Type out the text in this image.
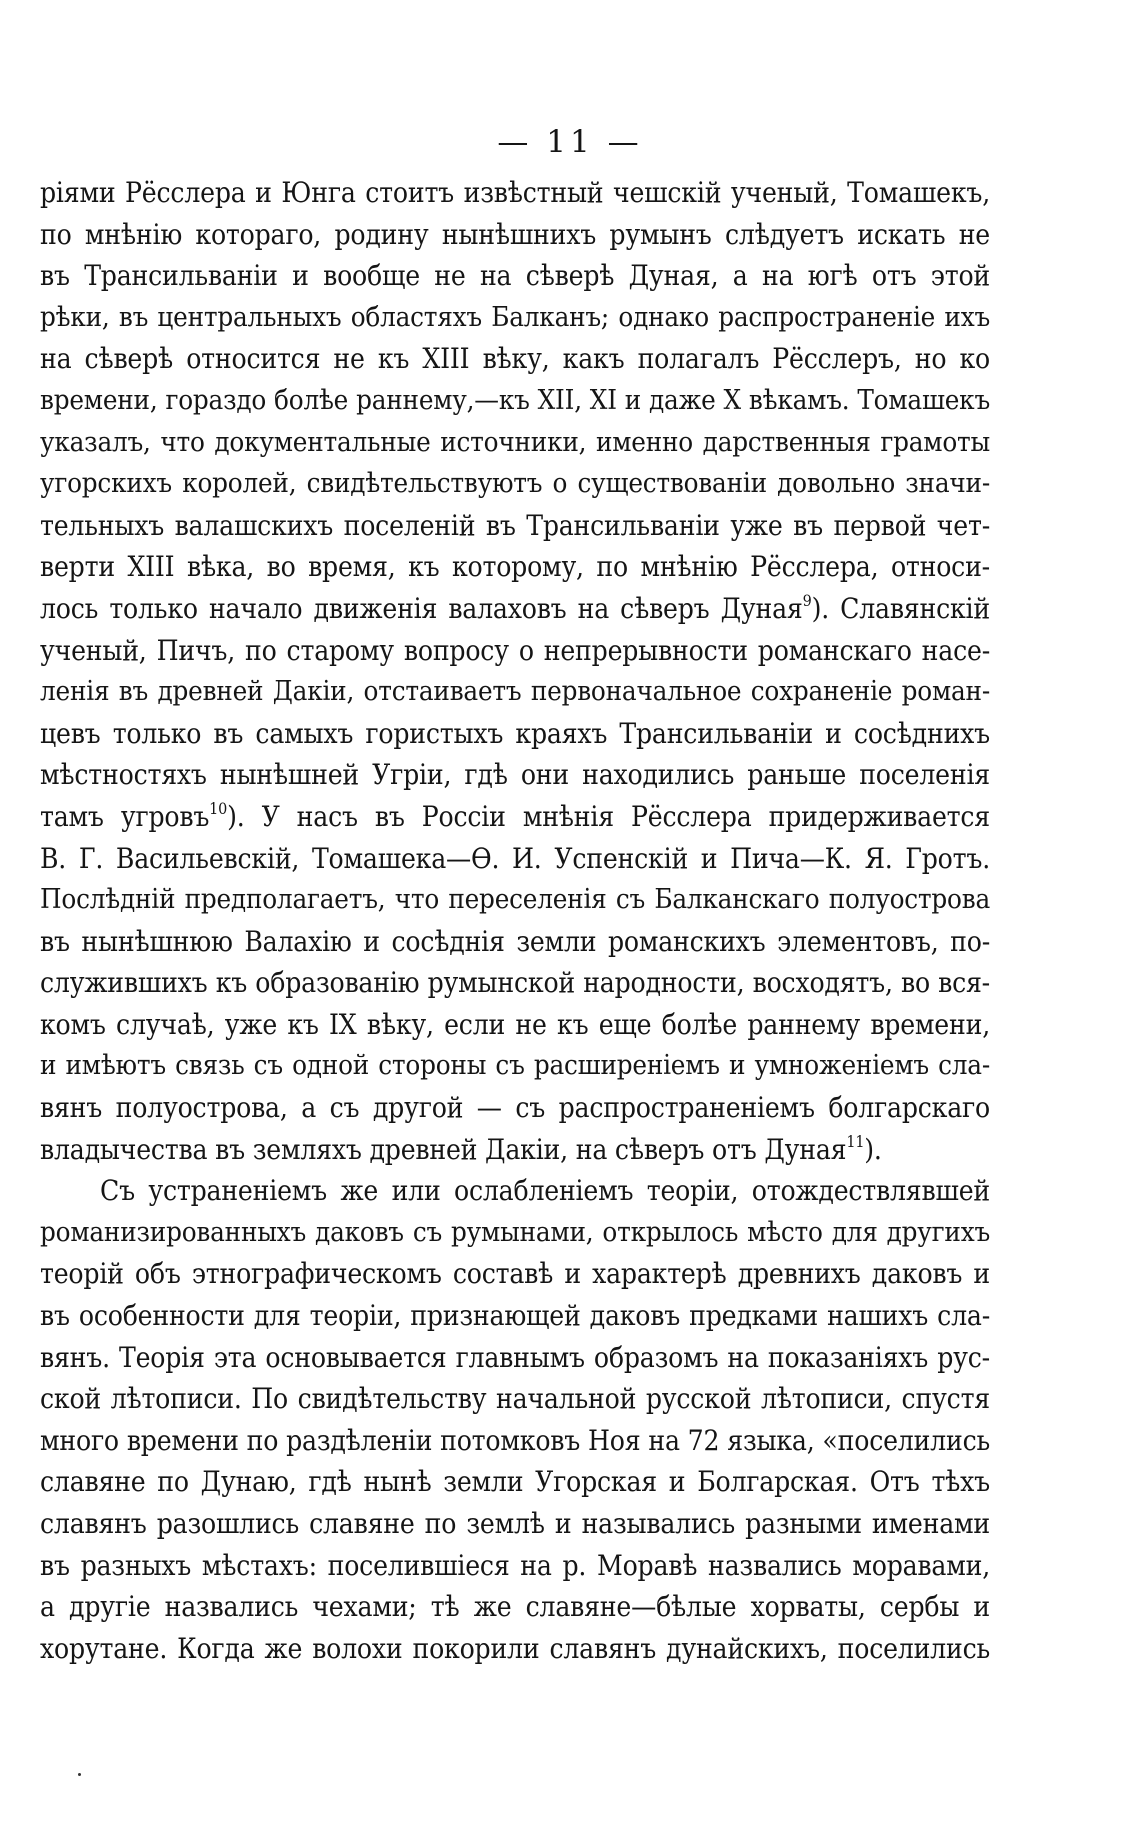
— 11 —
ріями Рёсслера и Юнга стоитъ извѣстный чешскій ученый, Томашекъ,
по мнѣнію котораго, родину нынѣшнихъ румынъ слѣдуетъ искать не
въ Трансильваніи и вообще не на сѣверѣ Дуная, а на югѣ отъ этой
рѣки, въ центральныхъ областяхъ Балканъ; однако распространеніе ихъ
на сѣверѣ относится не къ XIII вѣку, какъ полагалъ Рёсслеръ, но ко
времени, гораздо болѣе раннему,—къ XII, XI и даже X вѣкамъ. Томашекъ
указалъ, что документальные источники, именно дарственныя грамоты
угорскихъ королей, свидѣтельствуютъ о существованіи довольно значи-
тельныхъ валашскихъ поселеній въ Трансильваніи уже въ первой чет-
верти XIII вѣка, во время, къ которому, по мнѣнію Рёсслера, относи-
лось только начало движенія валаховъ на сѣверъ Дуная$^9$). Славянскій
ученый, Пичъ, по старому вопросу о непрерывности романскаго насе-
ленія въ древней Дакіи, отстаиваетъ первоначальное сохраненіе роман-
цевъ только въ самыхъ гористыхъ краяхъ Трансильваніи и сосѣднихъ
мѣстностяхъ нынѣшней Угріи, гдѣ они находились раньше поселенія
тамъ угровъ$^{10}$). У насъ въ Россіи мнѣнія Рёсслера придерживается
В. Г. Васильевскій, Томашека—Ѳ. И. Успенскій и Пича—К. Я. Гротъ.
Послѣдній предполагаетъ, что переселенія съ Балканскаго полуострова
въ нынѣшнюю Валахію и сосѣднія земли романскихъ элементовъ, по-
служившихъ къ образованію румынской народности, восходятъ, во вся-
комъ случаѣ, уже къ IX вѣку, если не къ еще болѣе раннему времени,
и имѣютъ связь съ одной стороны съ расширеніемъ и умноженіемъ сла-
вянъ полуострова, а съ другой — съ распространеніемъ болгарскаго
владычества въ земляхъ древней Дакіи, на сѣверъ отъ Дуная$^{11}$).
Съ устраненіемъ же или ослабленіемъ теоріи, отождествлявшей
романизированныхъ даковъ съ румынами, открылось мѣсто для другихъ
теорій объ этнографическомъ составѣ и характерѣ древнихъ даковъ и
въ особенности для теоріи, признающей даковъ предками нашихъ сла-
вянъ. Теорія эта основывается главнымъ образомъ на показаніяхъ рус-
ской лѣтописи. По свидѣтельству начальной русской лѣтописи, спустя
много времени по раздѣленіи потомковъ Ноя на 72 языка, «поселились
славяне по Дунаю, гдѣ нынѣ земли Угорская и Болгарская. Отъ тѣхъ
славянъ разошлись славяне по землѣ и назывались разными именами
въ разныхъ мѣстахъ: поселившіеся на р. Моравѣ назвались моравами,
а другіе назвались чехами; тѣ же славяне—бѣлые хорваты, сербы и
хорутане. Когда же волохи покорили славянъ дунайскихъ, поселились
